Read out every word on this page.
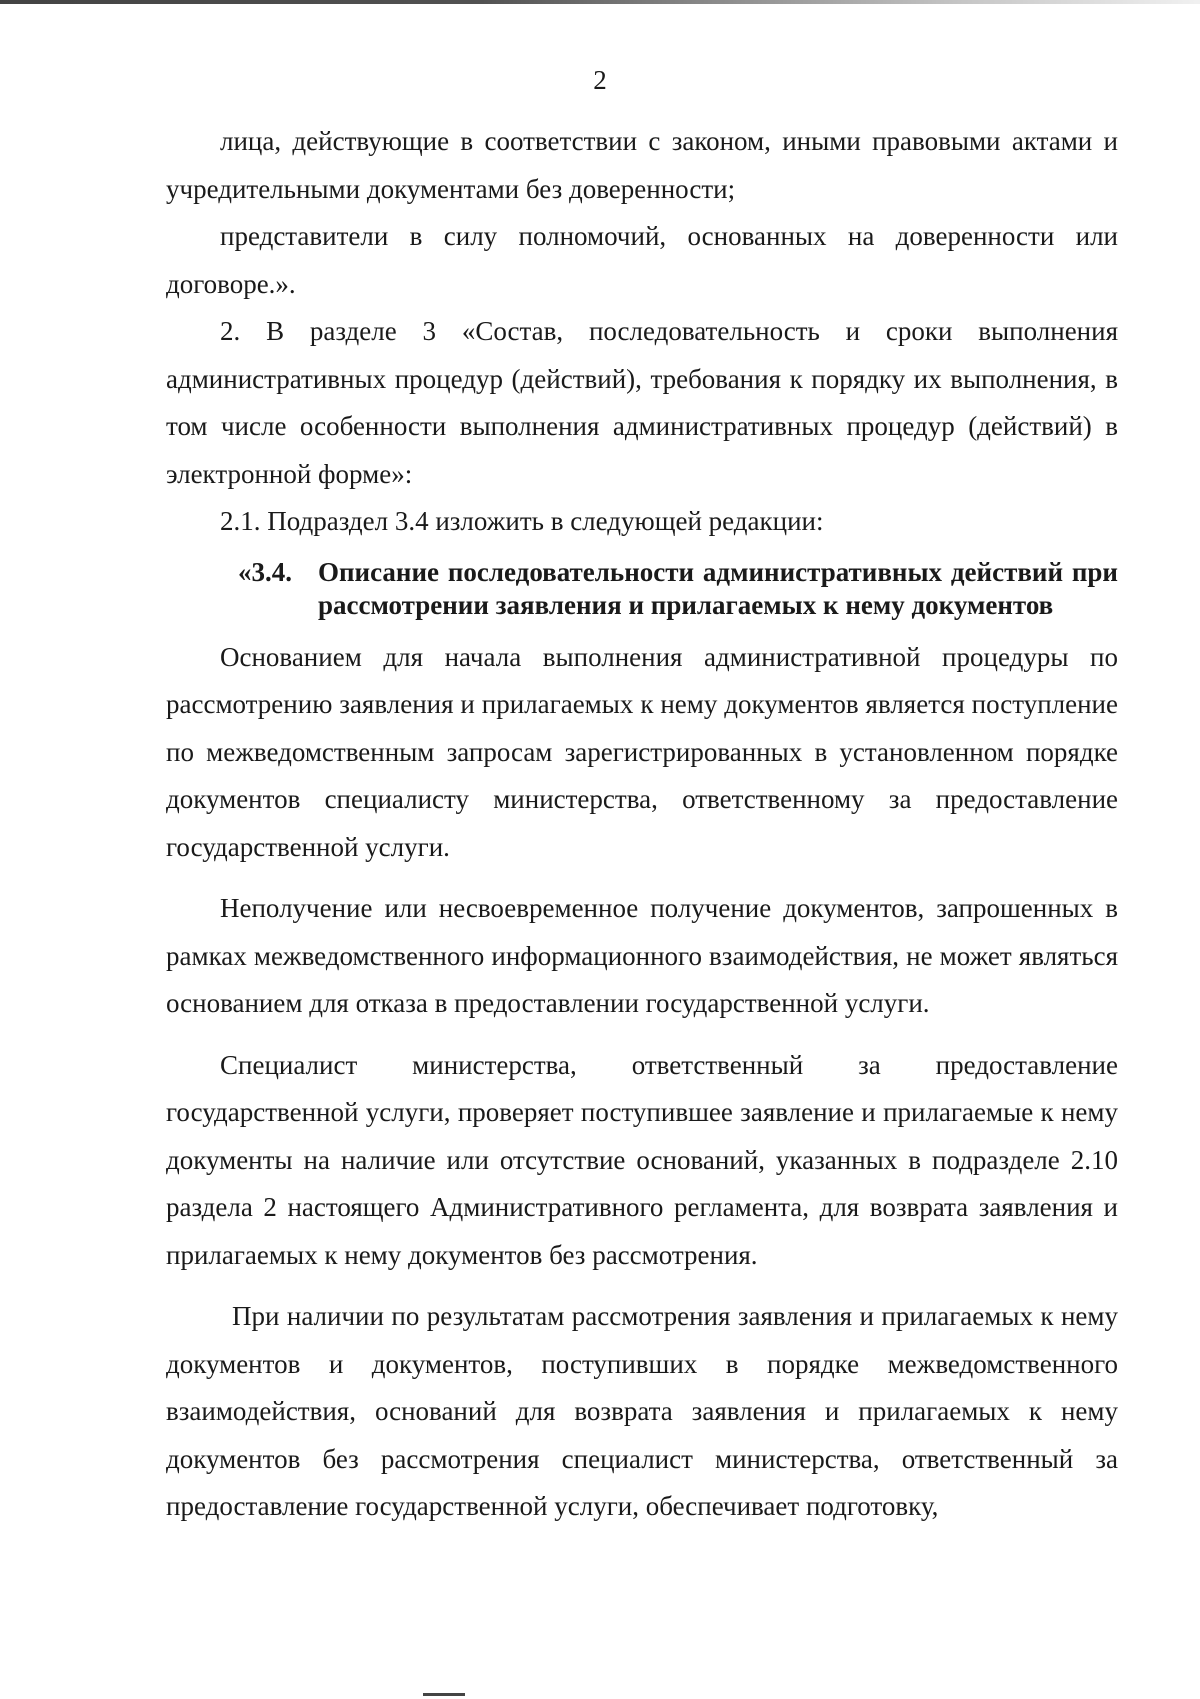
2

лица, действующие в соответствии с законом, иными правовыми актами и учредительными документами без доверенности;

представители в силу полномочий, основанных на доверенности или договоре.».

2. В разделе 3 «Состав, последовательность и сроки выполнения административных процедур (действий), требования к порядку их выполнения, в том числе особенности выполнения административных процедур (действий) в электронной форме»:

2.1. Подраздел 3.4 изложить в следующей редакции:

«3.4. Описание последовательности административных действий при рассмотрении заявления и прилагаемых к нему документов

Основанием для начала выполнения административной процедуры по рассмотрению заявления и прилагаемых к нему документов является поступление по межведомственным запросам зарегистрированных в установленном порядке документов специалисту министерства, ответственному за предоставление государственной услуги.

Неполучение или несвоевременное получение документов, запрошенных в рамках межведомственного информационного взаимодействия, не может являться основанием для отказа в предоставлении государственной услуги.

Специалист министерства, ответственный за предоставление государственной услуги, проверяет поступившее заявление и прилагаемые к нему документы на наличие или отсутствие оснований, указанных в подразделе 2.10 раздела 2 настоящего Административного регламента, для возврата заявления и прилагаемых к нему документов без рассмотрения.

При наличии по результатам рассмотрения заявления и прилагаемых к нему документов и документов, поступивших в порядке межведомственного взаимодействия, оснований для возврата заявления и прилагаемых к нему документов без рассмотрения специалист министерства, ответственный за предоставление государственной услуги, обеспечивает подготовку,
